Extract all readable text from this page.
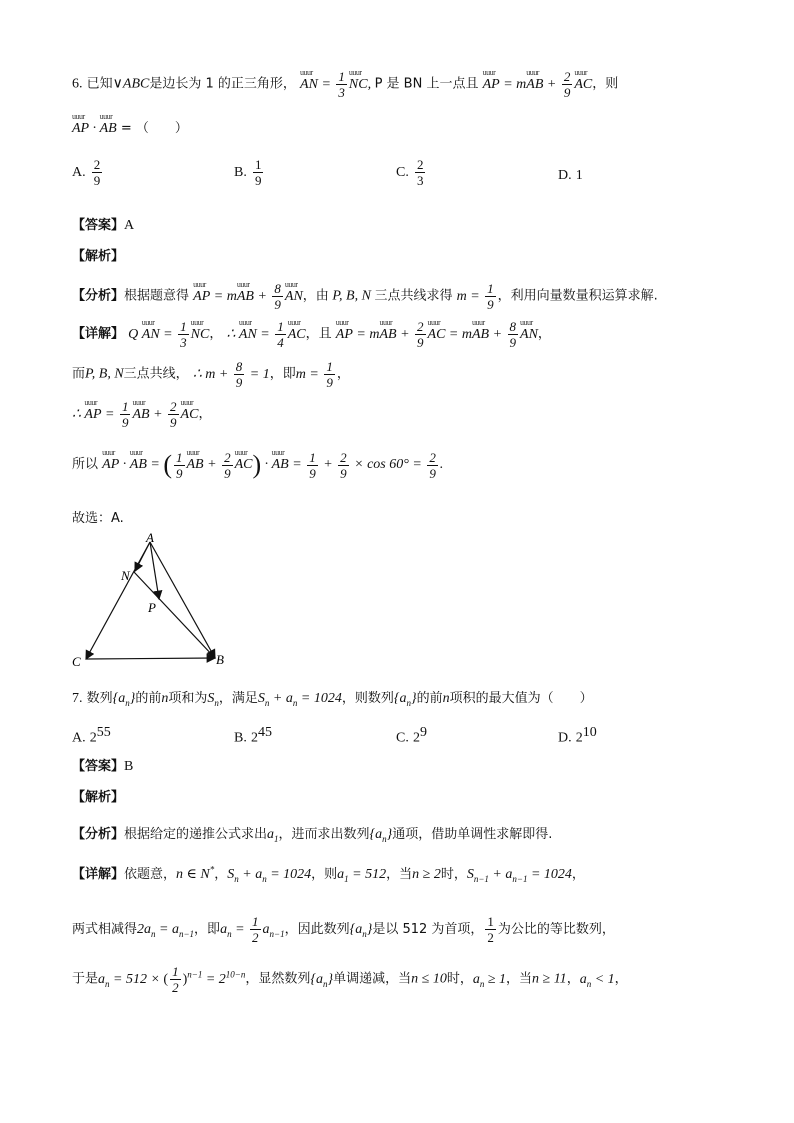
6. 已知∨ABC是边长为 1 的正三角形， uuur AN = $\frac{1}{3}$ uuur NC, P 是 BN 上一点且 uuur AP = muuur AB + $\frac{2}{9}$ uuur AC，则
uuur AP · uuur AB = （　　）
A. $\frac{2}{9}$	B. $\frac{1}{9}$	C. $\frac{2}{3}$	D. 1
【答案】A
【解析】
【分析】根据题意得 uuur AP = muuur AB + $\frac{8}{9}$ uuur AN，由 P, B, N 三点共线求得 $m = \frac{1}{9}$ ，利用向量数量积运算求解.
【详解】 Q uuur AN = $\frac{1}{3}$ uuur NC， ∴ uuur AN = $\frac{1}{4}$ uuur AC，且 uuur AP = muuur AB + $\frac{2}{9}$ uuur AC = muuur AB + $\frac{8}{9}$ uuur AN，
而P, B, N三点共线， ∴ $m + \frac{8}{9} = 1$，即$m = \frac{1}{9}$ ，
∴ uuur AP = $\frac{1}{9}$ uuur AB + $\frac{2}{9}$ uuur AC，
所以 uuur AP · uuur AB = ( $\frac{1}{9}$ uuur AB + $\frac{2}{9}$ uuur AC) · uuur AB = $\frac{1}{9} + \frac{2}{9} \times \cos 60^\circ = \frac{2}{9}$ .
故选：A.
A
N
P
C	B
7. 数列$\{a_n\}$的前n项和为$S_n$，满足$S_n + a_n = 1024$，则数列$\{a_n\}$的前n项积的最大值为（　　）
A. $2^{55}$	B. $2^{45}$	C. $2^9$	D. $2^{10}$
【答案】B
【解析】
【分析】根据给定的递推公式求出$a_1$，进而求出数列$\{a_n\}$通项，借助单调性求解即得.
【详解】依题意，n ∈ N*，$S_n + a_n = 1024$，则$a_1 = 512$，当n ≥ 2时，$S_{n-1} + a_{n-1} = 1024$，
两式相减得$2a_n = a_{n-1}$，即$a_n = \frac{1}{2} a_{n-1}$，因此数列$\{a_n\}$是以 512 为首项， $\frac{1}{2}$ 为公比的等比数列，
于是$a_n = 512$ × ( $\frac{1}{2} )^{n-1} = 2^{10-n}$，显然数列$\{a_n\}$单调递减，当n ≤ 10时，$a_n \ge 1$，当n ≥ 11，$a_n < 1$，
